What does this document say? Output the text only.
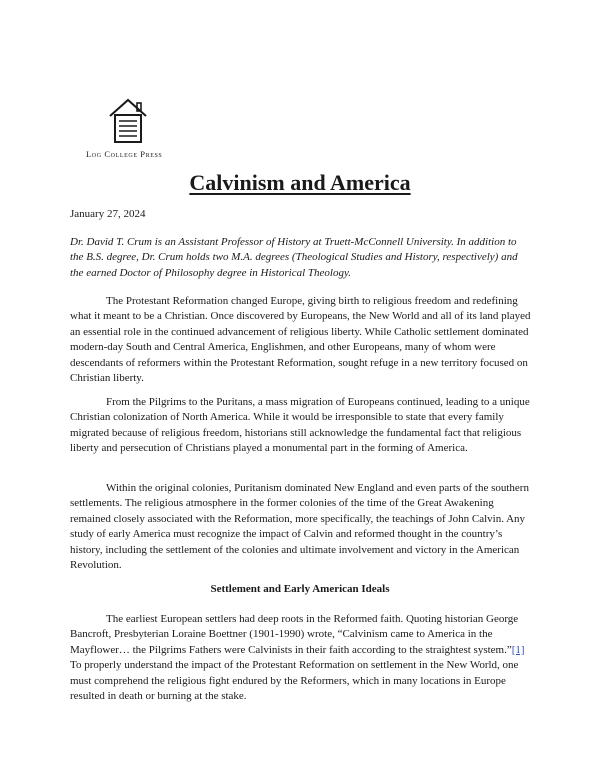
Log College Press
Calvinism and America
January 27, 2024

Dr. David T. Crum is an Assistant Professor of History at Truett-McConnell University. In addition to the B.S. degree, Dr. Crum holds two M.A. degrees (Theological Studies and History, respectively) and the earned Doctor of Philosophy degree in Historical Theology.

The Protestant Reformation changed Europe, giving birth to religious freedom and redefining what it meant to be a Christian. Once discovered by Europeans, the New World and all of its land played an essential role in the continued advancement of religious liberty. While Catholic settlement dominated modern-day South and Central America, Englishmen, and other Europeans, many of whom were descendants of reformers within the Protestant Reformation, sought refuge in a new territory focused on Christian liberty.

From the Pilgrims to the Puritans, a mass migration of Europeans continued, leading to a unique Christian colonization of North America. While it would be irresponsible to state that every family migrated because of religious freedom, historians still acknowledge the fundamental fact that religious liberty and persecution of Christians played a monumental part in the forming of America.

Within the original colonies, Puritanism dominated New England and even parts of the southern settlements. The religious atmosphere in the former colonies of the time of the Great Awakening remained closely associated with the Reformation, more specifically, the teachings of John Calvin. Any study of early America must recognize the impact of Calvin and reformed thought in the country’s history, including the settlement of the colonies and ultimate involvement and victory in the American Revolution.

Settlement and Early American Ideals

The earliest European settlers had deep roots in the Reformed faith. Quoting historian George Bancroft, Presbyterian Loraine Boettner (1901-1990) wrote, “Calvinism came to America in the Mayflower… the Pilgrims Fathers were Calvinists in their faith according to the straightest system.”[1] To properly understand the impact of the Protestant Reformation on settlement in the New World, one must comprehend the religious fight endured by the Reformers, which in many locations in Europe resulted in death or burning at the stake.
